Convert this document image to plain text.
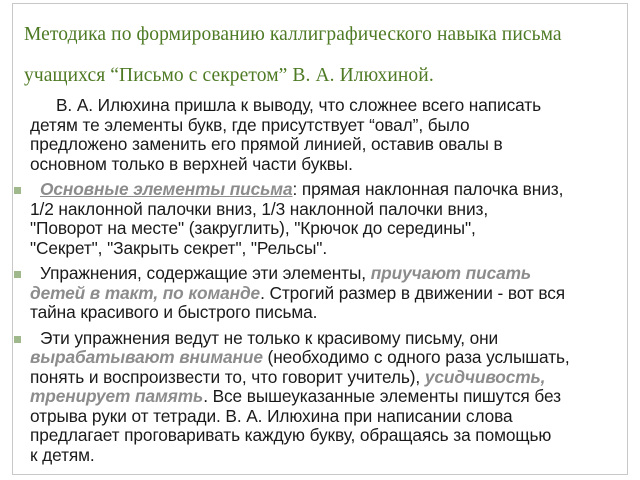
Методика по формированию каллиграфического навыка письма
учащихся “Письмо с секретом” В. А. Илюхиной.
В. А. Илюхина пришла к выводу, что сложнее всего написать
детям те элементы букв, где присутствует “овал”, было
предложено заменить его прямой линией, оставив овалы в
основном только в верхней части буквы.
Основные элементы письма: прямая наклонная палочка вниз,
1/2 наклонной палочки вниз, 1/3 наклонной палочки вниз,
"Поворот на месте" (закруглить), "Крючок до середины",
"Секрет", "Закрыть секрет", "Рельсы".
Упражнения, содержащие эти элементы, приучают писать
детей в такт, по команде. Строгий размер в движении - вот вся
тайна красивого и быстрого письма.
Эти упражнения ведут не только к красивому письму, они
вырабатывают внимание (необходимо с одного раза услышать,
понять и воспроизвести то, что говорит учитель), усидчивость,
тренирует память. Все вышеуказанные элементы пишутся без
отрыва руки от тетради. В. А. Илюхина при написании слова
предлагает проговаривать каждую букву, обращаясь за помощью
к детям.
